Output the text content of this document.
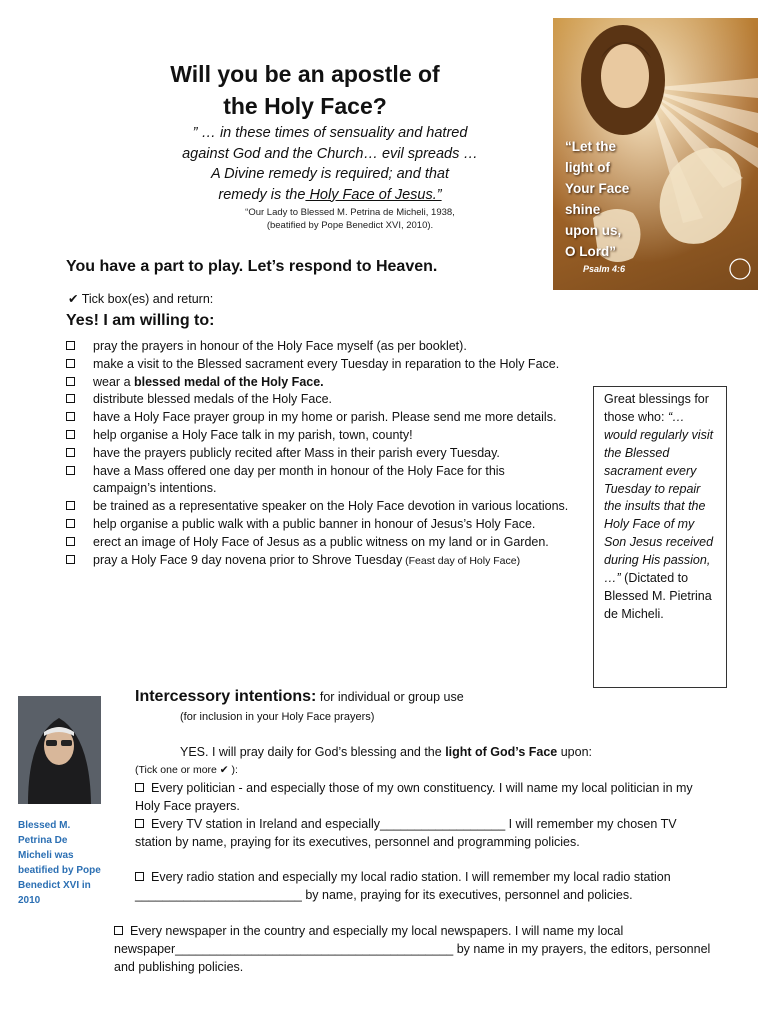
Will you be an apostle of
the Holy Face?
” … in these times of sensuality and hatred
against God and the Church… evil spreads …
A Divine remedy is required; and that
remedy is the Holy Face of Jesus.”
“Our Lady to Blessed M. Petrina de Micheli, 1938,
(beatified by Pope Benedict XVI, 2010).
“Let the
light of
Your Face
shine
upon us,
O Lord”
Psalm 4:6
You have a part to play. Let’s respond to Heaven.
✔ Tick box(es) and return:
Yes! I am willing to:
pray the prayers in honour of the Holy Face myself (as per booklet).
make a visit to the Blessed sacrament every Tuesday in reparation to the Holy Face.
wear a blessed medal of the Holy Face.
distribute blessed medals of the Holy Face.
have a Holy Face prayer group in my home or parish. Please send me more details.
help organise a Holy Face talk in my parish, town, county!
have the prayers publicly recited after Mass in their parish every Tuesday.
have a Mass offered one day per month in honour of the Holy Face for this campaign’s intentions.
be trained as a representative speaker on the Holy Face devotion in various locations.
help organise a public walk with a public banner in honour of Jesus’s Holy Face.
erect an image of Holy Face of Jesus as a public witness on my land or in Garden.
pray a Holy Face 9 day novena prior to Shrove Tuesday (Feast day of Holy Face)
Great blessings for those who: “…would regularly visit the Blessed sacrament every Tuesday to repair the insults that the Holy Face of my Son Jesus received during His passion, …” (Dictated to Blessed M. Pietrina de Micheli.
Blessed M. Petrina De Micheli was beatified by Pope Benedict XVI in 2010
Intercessory intentions: for individual or group use
(for inclusion in your Holy Face prayers)
YES. I will pray daily for God’s blessing and the light of God’s Face upon:
(Tick one or more ✔ ):
Every politician - and especially those of my own constituency. I will name my local politician in my Holy Face prayers.
Every TV station in Ireland and especially__________________ I will remember my chosen TV station by name, praying for its executives, personnel and programming policies.
Every radio station and especially my local radio station. I will remember my local radio station ________________________ by name, praying for its executives, personnel and policies.
Every newspaper in the country and especially my local newspapers. I will name my local newspaper________________________________________ by name in my prayers, the editors, personnel and publishing policies.
